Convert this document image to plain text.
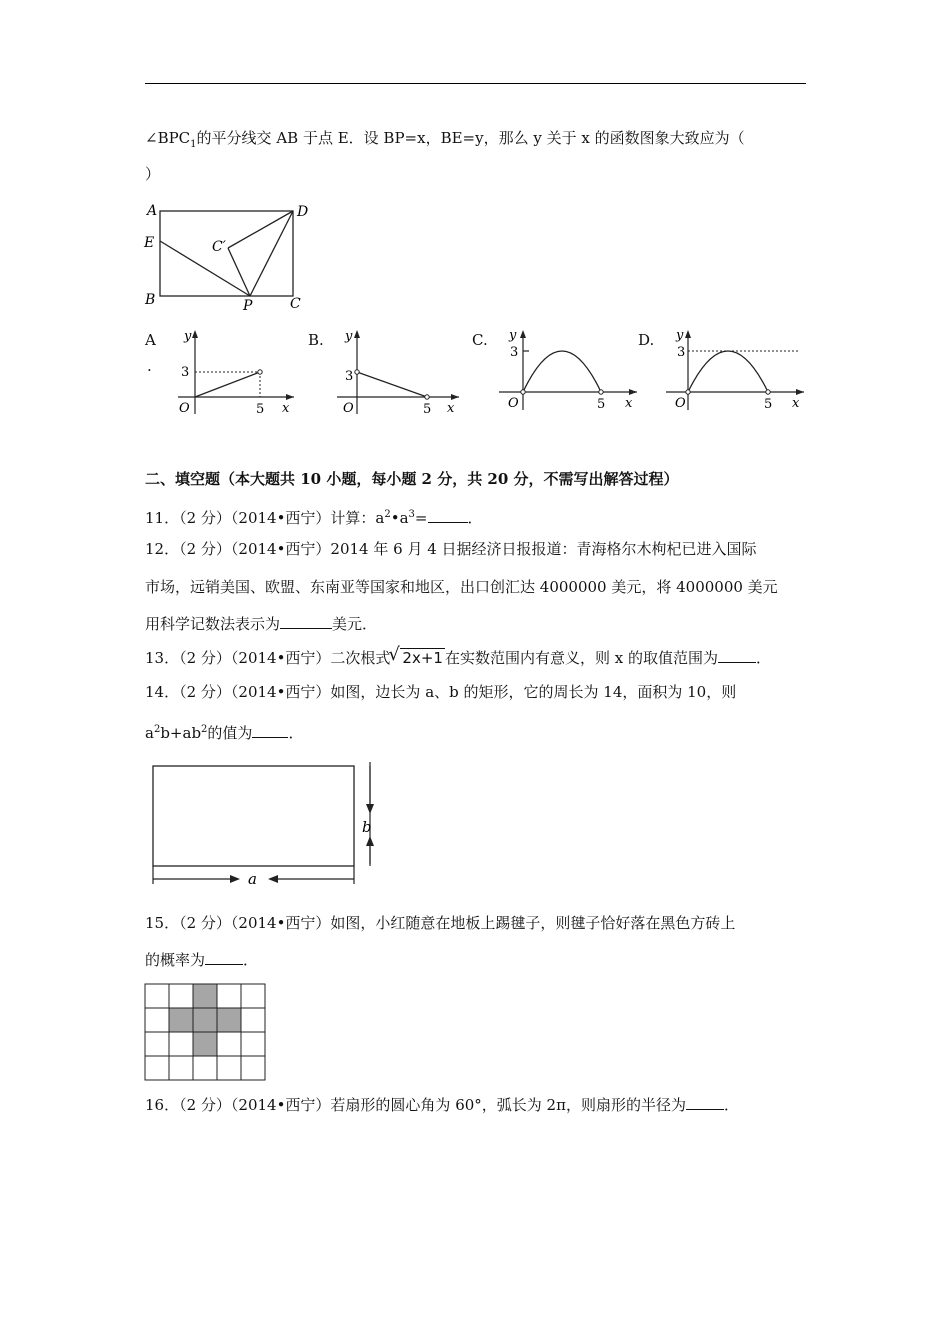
$\angle BPC_1$的平分线交 AB 于点 E．设 BP=x，BE=y，那么 y 关于 x 的函数图象大致应为（
）
A	D
E	C′
B	P	C
A
.
y
3
O	5 x
B. y
3
O	5 x
C. y
3
O	5 x
D. y
3
O	5 x
二、填空题（本大题共 10 小题，每小题 2 分，共 20 分，不需写出解答过程）
11．（2 分）（2014•西宁）计算：$a^2•a^3=$	．
12．（2 分）（2014•西宁）2014 年 6 月 4 日据经济日报报道：青海格尔木枸杞已进入国际
市场，远销美国、欧盟、东南亚等国家和地区，出口创汇达 4000000 美元，将 4000000 美元
用科学记数法表示为	美元．
13．（2 分）（2014•西宁）二次根式
√ 2x+1 在实数范围内有意义，则 x 的取值范围为	．
14．（2 分）（2014•西宁）如图，边长为 a、b 的矩形，它的周长为 14，面积为 10，则
$a^2b+ab^2$的值为 ．
b
a
15．（2 分）（2014•西宁）如图，小红随意在地板上踢毽子，则毽子恰好落在黑色方砖上
的概率为	．
16．（2 分）（2014•西宁）若扇形的圆心角为 60°，弧长为 2π，则扇形的半径为	．
